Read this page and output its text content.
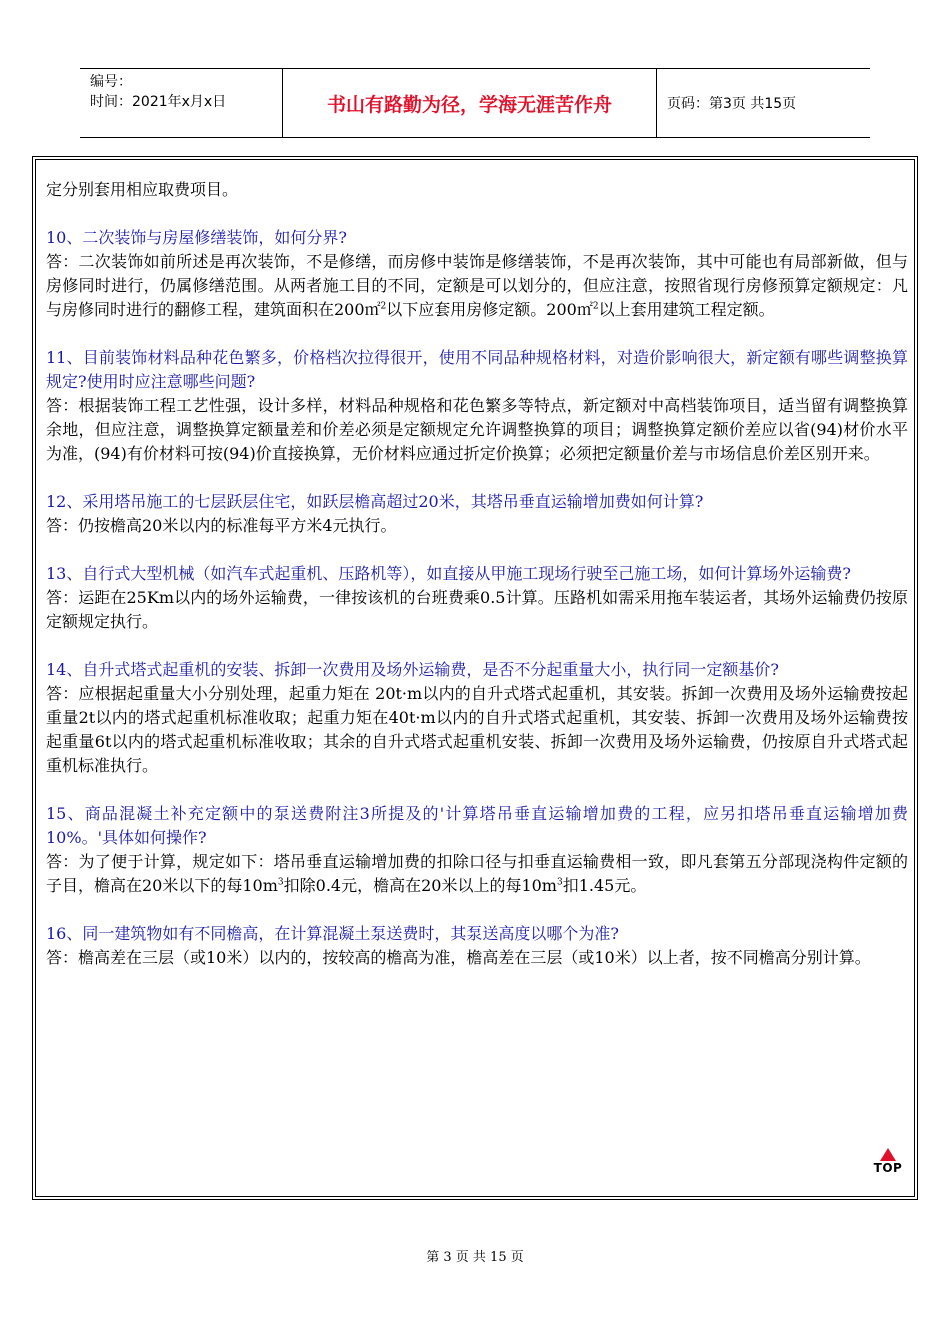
编号：
时间：2021年x月x日	书山有路勤为径，学海无涯苦作舟	页码：第3页 共15页

定分别套用相应取费项目。

10、二次装饰与房屋修缮装饰，如何分界?

答：二次装饰如前所述是再次装饰，不是修缮，而房修中装饰是修缮装饰，不是再次装饰，其中可能也有局部新做，但与房修同时进行，仍属修缮范围。从两者施工目的不同，定额是可以划分的，但应注意，按照省现行房修预算定额规定：凡与房修同时进行的翻修工程，建筑面积在200㎡$^2$以下应套用房修定额。200㎡$^2$以上套用建筑工程定额。

11、目前装饰材料品种花色繁多，价格档次拉得很开，使用不同品种规格材料，对造价影响很大，新定额有哪些调整换算规定?使用时应注意哪些问题?

答：根据装饰工程工艺性强，设计多样，材料品种规格和花色繁多等特点，新定额对中高档装饰项目，适当留有调整换算余地，但应注意，调整换算定额量差和价差必须是定额规定允许调整换算的项目；调整换算定额价差应以省(94)材价水平为准，(94)有价材料可按(94)价直接换算，无价材料应通过折定价换算；必须把定额量价差与市场信息价差区别开来。

12、采用塔吊施工的七层跃层住宅，如跃层檐高超过20米，其塔吊垂直运输增加费如何计算?

答：仍按檐高20米以内的标准每平方米4元执行。

13、自行式大型机械（如汽车式起重机、压路机等），如直接从甲施工现场行驶至己施工场，如何计算场外运输费?

答：运距在25Km以内的场外运输费，一律按该机的台班费乘0.5计算。压路机如需采用拖车装运者，其场外运输费仍按原定额规定执行。

14、自升式塔式起重机的安装、拆卸一次费用及场外运输费，是否不分起重量大小，执行同一定额基价?

答：应根据起重量大小分别处理，起重力矩在 20t·m以内的自升式塔式起重机，其安装。拆卸一次费用及场外运输费按起重量2t以内的塔式起重机标准收取；起重力矩在40t·m以内的自升式塔式起重机，其安装、拆卸一次费用及场外运输费按起重量6t以内的塔式起重机标准收取；其余的自升式塔式起重机安装、拆卸一次费用及场外运输费，仍按原自升式塔式起重机标准执行。

15、商品混凝土补充定额中的泵送费附注3所提及的'计算塔吊垂直运输增加费的工程，应另扣塔吊垂直运输增加费10%。'具体如何操作?

答：为了便于计算，规定如下：塔吊垂直运输增加费的扣除口径与扣垂直运输费相一致，即凡套第五分部现浇构件定额的子目，檐高在20米以下的每$10m^3$扣除0.4元，檐高在20米以上的每$10m^3$扣1.45元。

16、同一建筑物如有不同檐高，在计算混凝土泵送费时，其泵送高度以哪个为准?

答：檐高差在三层（或10米）以内的，按较高的檐高为准，檐高差在三层（或10米）以上者，按不同檐高分别计算。

TOP
第 3 页 共 15 页
